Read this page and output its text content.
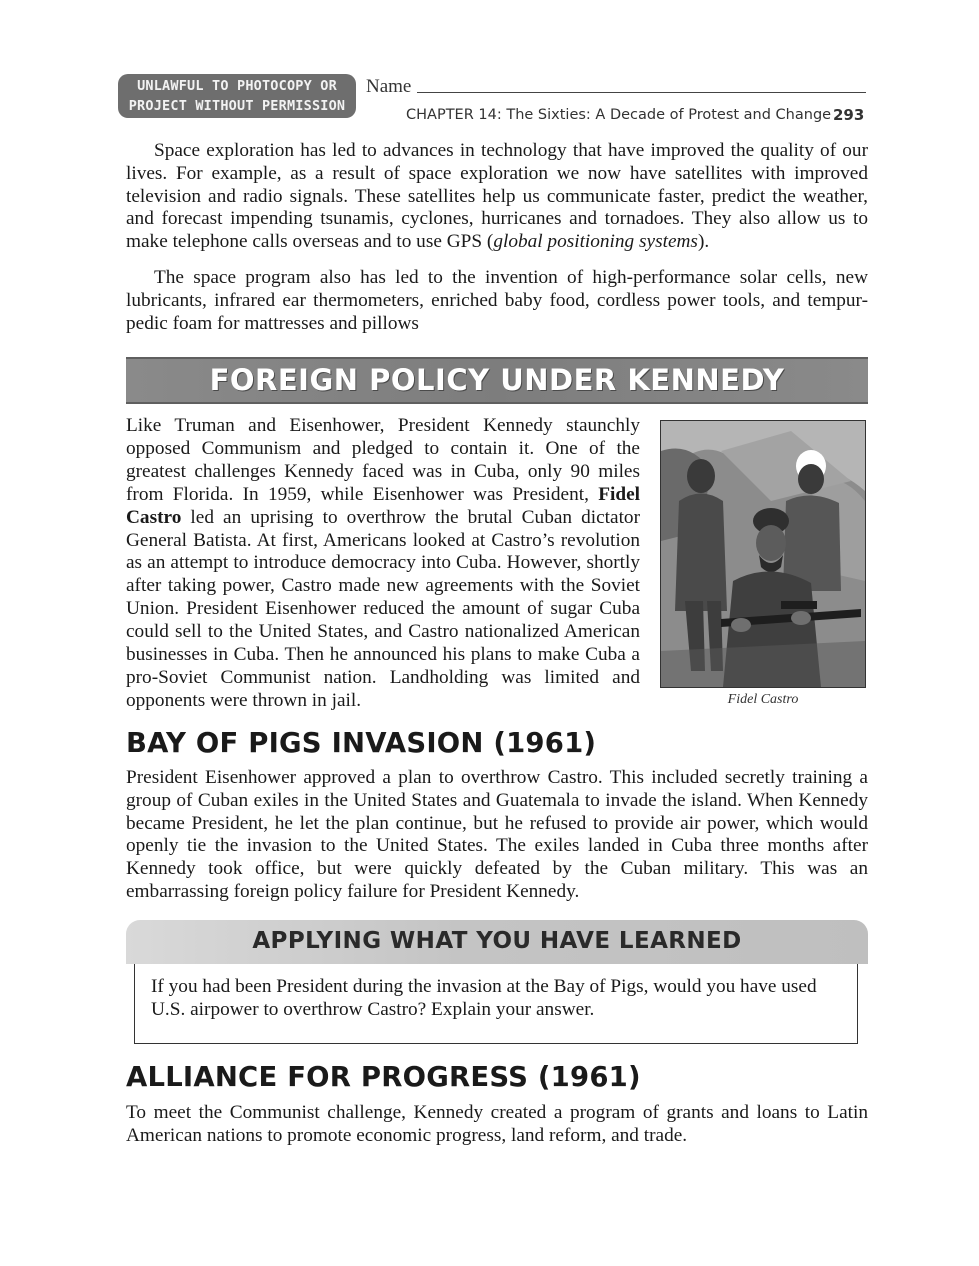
UNLAWFUL TO PHOTOCOPY OR
PROJECT WITHOUT PERMISSION
Name
CHAPTER 14: The Sixties: A Decade of Protest and Change 293

Space exploration has led to advances in technology that have improved the quality of our lives. For example, as a result of space exploration we now have satellites with improved television and radio signals. These satellites help us communicate faster, predict the weather, and forecast impending tsunamis, cyclones, hurricanes and tornadoes. They also allow us to make telephone calls overseas and to use GPS (global positioning systems).

The space program also has led to the invention of high-performance solar cells, new lubricants, infrared ear thermometers, enriched baby food, cordless power tools, and tempur-pedic foam for mattresses and pillows

FOREIGN POLICY UNDER KENNEDY

Like Truman and Eisenhower, President Kennedy staunchly opposed Communism and pledged to contain it. One of the greatest challenges Kennedy faced was in Cuba, only 90 miles from Florida. In 1959, while Eisenhower was President, Fidel Castro led an uprising to overthrow the brutal Cuban dictator General Batista. At first, Americans looked at Castro’s revolution as an attempt to introduce democracy into Cuba. However, shortly after taking power, Castro made new agreements with the Soviet Union. President Eisenhower reduced the amount of sugar Cuba could sell to the United States, and Castro nationalized American businesses in Cuba. Then he announced his plans to make Cuba a pro-Soviet Communist nation. Landholding was limited and opponents were thrown in jail.	Fidel Castro
BAY OF PIGS INVASION (1961)

President Eisenhower approved a plan to overthrow Castro. This included secretly training a group of Cuban exiles in the United States and Guatemala to invade the island. When Kennedy became President, he let the plan continue, but he refused to provide air power, which would openly tie the invasion to the United States. The exiles landed in Cuba three months after Kennedy took office, but were quickly defeated by the Cuban military. This was an embarrassing foreign policy failure for President Kennedy.

APPLYING WHAT YOU HAVE LEARNED

If you had been President during the invasion at the Bay of Pigs, would you have used U.S. airpower to overthrow Castro? Explain your answer.

ALLIANCE FOR PROGRESS (1961)

To meet the Communist challenge, Kennedy created a program of grants and loans to Latin American nations to promote economic progress, land reform, and trade.
